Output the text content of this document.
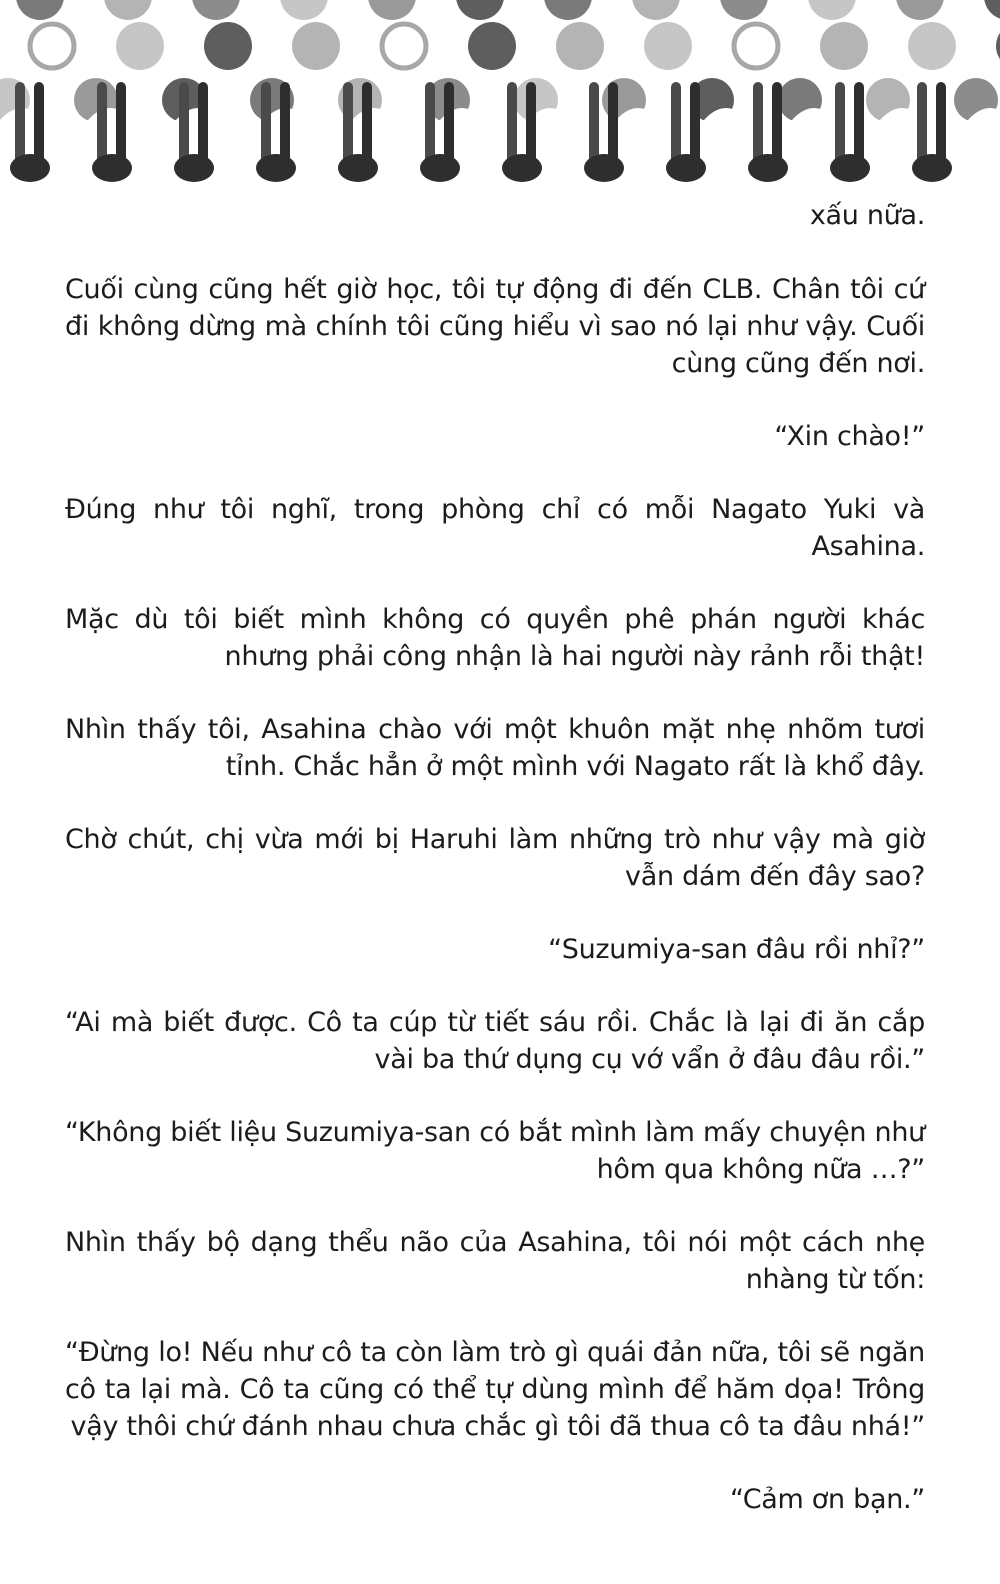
xấu nữa.

Cuối cùng cũng hết giờ học, tôi tự động đi đến CLB. Chân tôi cứ đi không dừng mà chính tôi cũng hiểu vì sao nó lại như vậy. Cuối cùng cũng đến nơi.

“Xin chào!”

Đúng như tôi nghĩ, trong phòng chỉ có mỗi Nagato Yuki và Asahina.

Mặc dù tôi biết mình không có quyền phê phán người khác nhưng phải công nhận là hai người này rảnh rỗi thật!

Nhìn thấy tôi, Asahina chào với một khuôn mặt nhẹ nhõm tươi tỉnh. Chắc hẳn ở một mình với Nagato rất là khổ đây.

Chờ chút, chị vừa mới bị Haruhi làm những trò như vậy mà giờ vẫn dám đến đây sao?

“Suzumiya-san đâu rồi nhỉ?”

“Ai mà biết được. Cô ta cúp từ tiết sáu rồi. Chắc là lại đi ăn cắp vài ba thứ dụng cụ vớ vẩn ở đâu đâu rồi.”

“Không biết liệu Suzumiya-san có bắt mình làm mấy chuyện như hôm qua không nữa …?”

Nhìn thấy bộ dạng thểu não của Asahina, tôi nói một cách nhẹ nhàng từ tốn:

“Đừng lo! Nếu như cô ta còn làm trò gì quái đản nữa, tôi sẽ ngăn cô ta lại mà. Cô ta cũng có thể tự dùng mình để hăm dọa! Trông vậy thôi chứ đánh nhau chưa chắc gì tôi đã thua cô ta đâu nhá!”

“Cảm ơn bạn.”
